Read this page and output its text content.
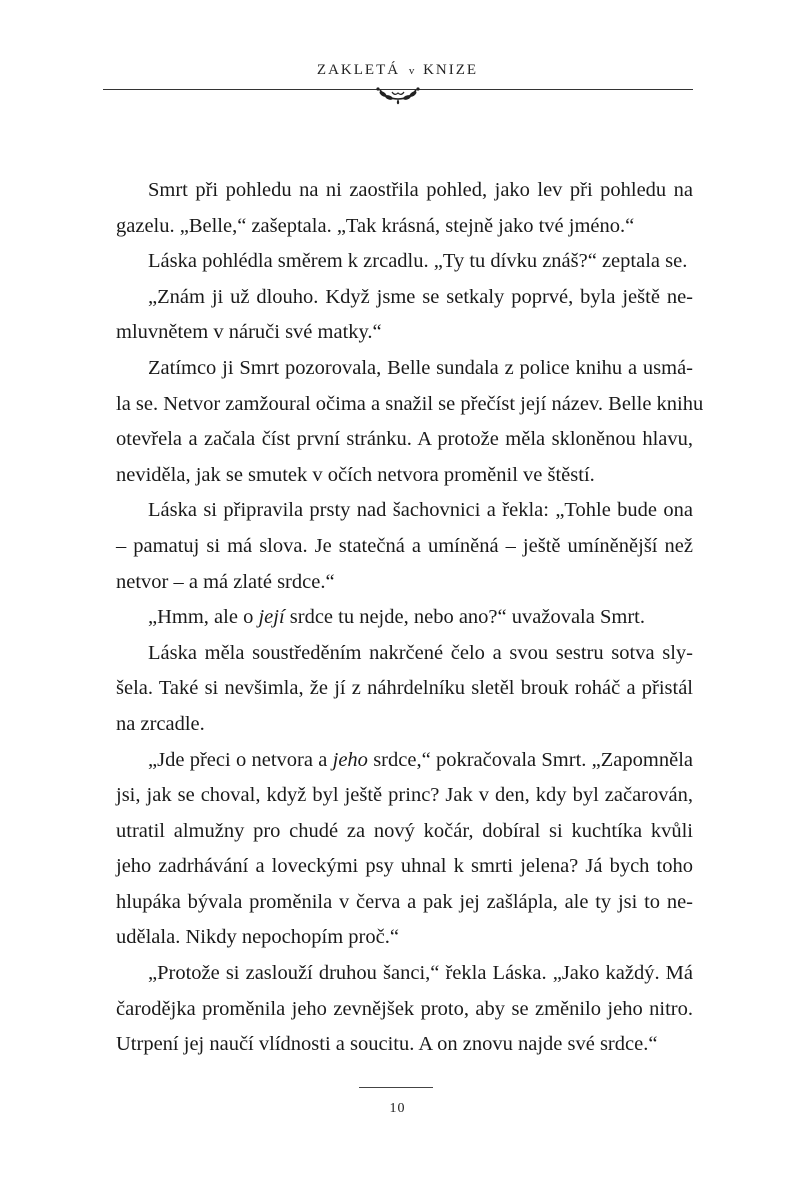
ZAKLETÁ v KNIZE
Smrt při pohledu na ni zaostřila pohled, jako lev při pohledu na
gazelu. „Belle,“ zašeptala. „Tak krásná, stejně jako tvé jméno.“
Láska pohlédla směrem k zrcadlu. „Ty tu dívku znáš?“ zeptala se.
„Znám ji už dlouho. Když jsme se setkaly poprvé, byla ještě ne-
mluvnětem v náruči své matky.“
Zatímco ji Smrt pozorovala, Belle sundala z police knihu a usmá-
la se. Netvor zamžoural očima a snažil se přečíst její název. Belle knihu
otevřela a začala číst první stránku. A protože měla skloněnou hlavu,
neviděla, jak se smutek v očích netvora proměnil ve štěstí.
Láska si připravila prsty nad šachovnici a řekla: „Tohle bude ona
– pamatuj si má slova. Je statečná a umíněná – ještě umíněnější než
netvor – a má zlaté srdce.“
„Hmm, ale o její srdce tu nejde, nebo ano?“ uvažovala Smrt.
Láska měla soustředěním nakrčené čelo a svou sestru sotva sly-
šela. Také si nevšimla, že jí z náhrdelníku sletěl brouk roháč a přistál
na zrcadle.
„Jde přeci o netvora a jeho srdce,“ pokračovala Smrt. „Zapomněla
jsi, jak se choval, když byl ještě princ? Jak v den, kdy byl začarován,
utratil almužny pro chudé za nový kočár, dobíral si kuchtíka kvůli
jeho zadrhávání a loveckými psy uhnal k smrti jelena? Já bych toho
hlupáka bývala proměnila v červa a pak jej zašlápla, ale ty jsi to ne-
udělala. Nikdy nepochopím proč.“
„Protože si zaslouží druhou šanci,“ řekla Láska. „Jako každý. Má
čarodějka proměnila jeho zevnějšek proto, aby se změnilo jeho nitro.
Utrpení jej naučí vlídnosti a soucitu. A on znovu najde své srdce.“
10
